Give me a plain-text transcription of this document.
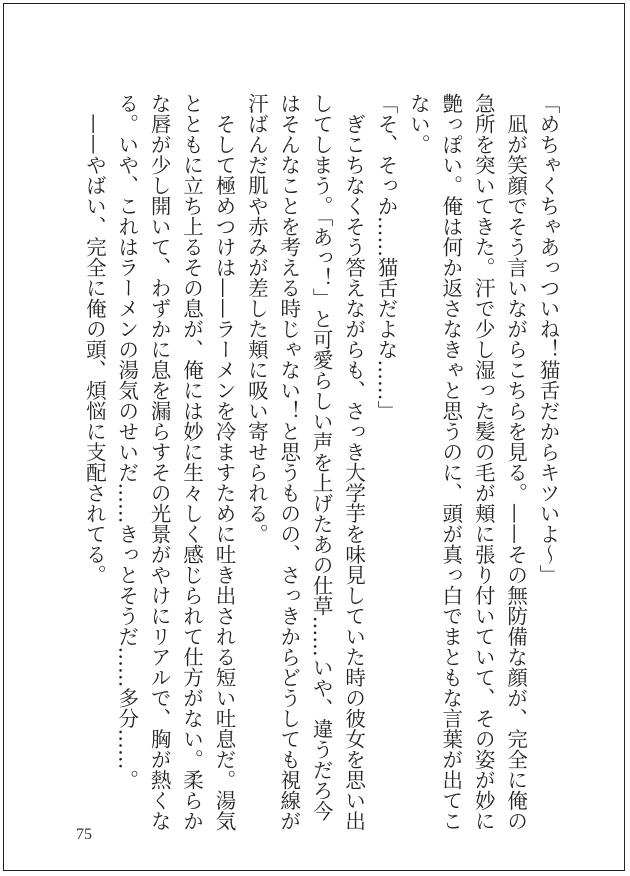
「めちゃくちゃあっついね！猫舌だからキツいよ〜」
　凪が笑顔でそう言いながらこちらを見る。——その無防備な顔が、完全に俺の
急所を突いてきた。汗で少し湿った髪の毛が頬に張り付いていて、その姿が妙に
艶っぽい。俺は何か返さなきゃと思うのに、頭が真っ白でまともな言葉が出てこ
ない。
「そ、そっか……猫舌だよな……」
　ぎこちなくそう答えながらも、さっき大学芋を味見していた時の彼女を思い出
してしまう。「あっ！」と可愛らしい声を上げたあの仕草……いや、違うだろ今
はそんなことを考える時じゃない！と思うものの、さっきからどうしても視線が
汗ばんだ肌や赤みが差した頬に吸い寄せられる。
　そして極めつけは——ラーメンを冷ますために吐き出される短い吐息だ。湯気
とともに立ち上るその息が、俺には妙に生々しく感じられて仕方がない。柔らか
な唇が少し開いて、わずかに息を漏らすその光景がやけにリアルで、胸が熱くな
る。いや、これはラーメンの湯気のせいだ……きっとそうだ……多分……。
　——やばい、完全に俺の頭、煩悩に支配されてる。
75
